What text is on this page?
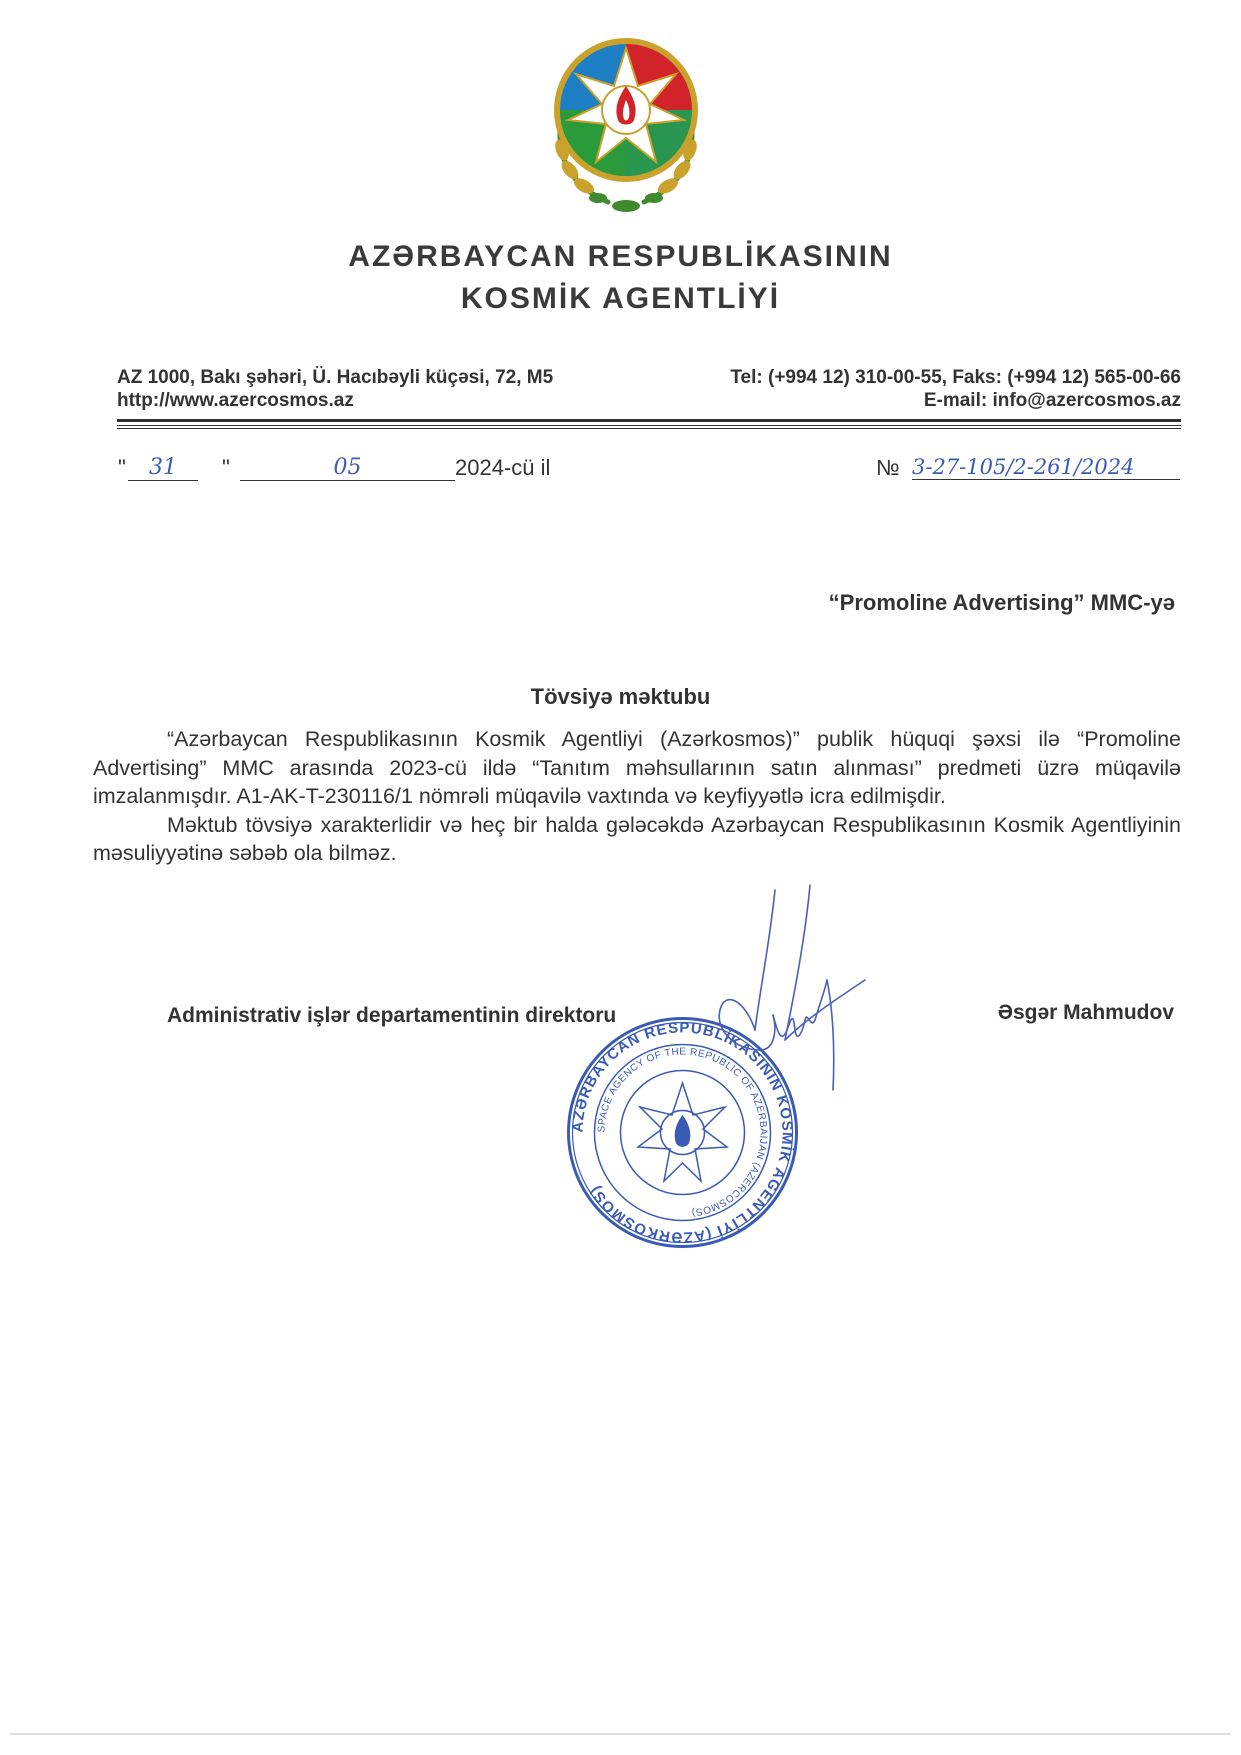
AZƏRBAYCAN RESPUBLİKASININ
KOSMİK AGENTLİYİ
AZ 1000, Bakı şəhəri, Ü. Hacıbəyli küçəsi, 72, M5
http://www.azercosmos.az
Tel: (+994 12) 310-00-55, Faks: (+994 12) 565-00-66
E-mail: info@azercosmos.az
"	31	"	05	2024-cü il	№ 3-27-105/2-261/2024
“Promoline Advertising” MMC-yə
Tövsiyə məktubu

“Azərbaycan Respublikasının Kosmik Agentliyi (Azərkosmos)” publik hüquqi şəxsi ilə “Promoline Advertising” MMC arasında 2023-cü ildə “Tanıtım məhsullarının satın alınması” predmeti üzrə müqavilə imzalanmışdır. A1-AK-T-230116/1 nömrəli müqavilə vaxtında və keyfiyyətlə icra edilmişdir.

Məktub tövsiyə xarakterlidir və heç bir halda gələcəkdə Azərbaycan Respublikasının Kosmik Agentliyinin məsuliyyətinə səbəb ola bilməz.

Administrativ işlər departamentinin direktoru	Əsgər Mahmudov
AZƏRBAYCAN RESPUBLİKASININ KOSMİK AGENTLİYİ (AZƏRKOSMOS)
SPACE AGENCY OF THE REPUBLIC OF AZERBAIJAN (AZERCOSMOS)
